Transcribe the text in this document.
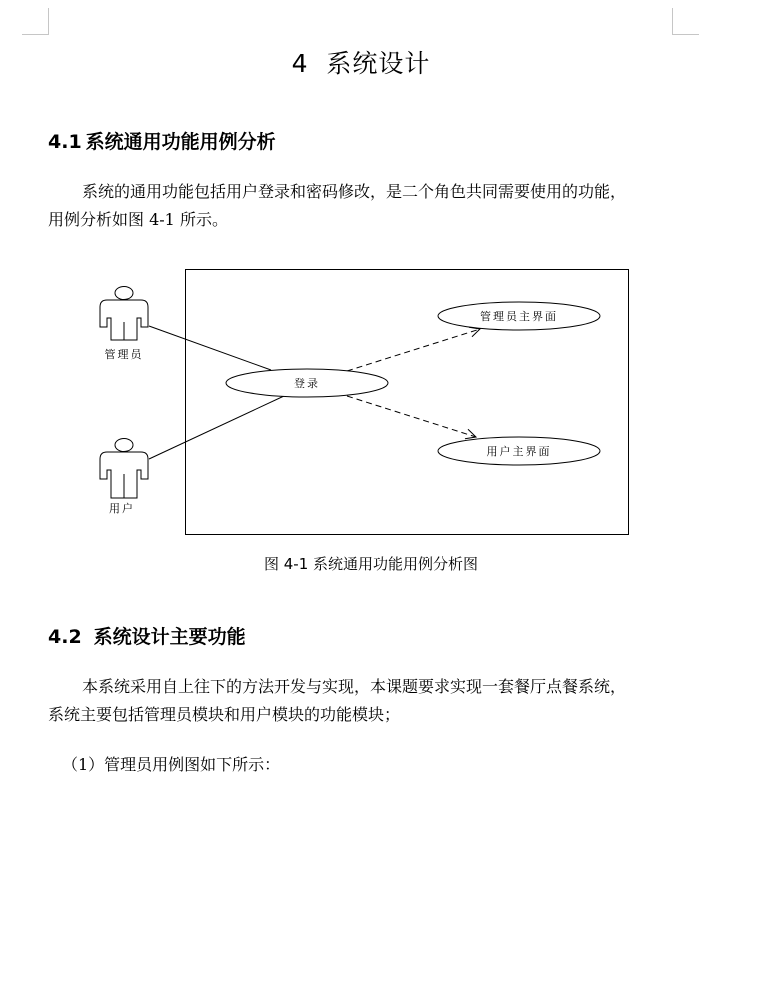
4 系统设计
4.1 系统通用功能用例分析
系统的通用功能包括用户登录和密码修改，是二个角色共同需要使用的功能，
用例分析如图 4-1 所示。
管理员
用户
登录
管理员主界面
用户主界面
图 4-1 系统通用功能用例分析图
4.2 系统设计主要功能
本系统采用自上往下的方法开发与实现，本课题要求实现一套餐厅点餐系统，
系统主要包括管理员模块和用户模块的功能模块；
（1）管理员用例图如下所示：
